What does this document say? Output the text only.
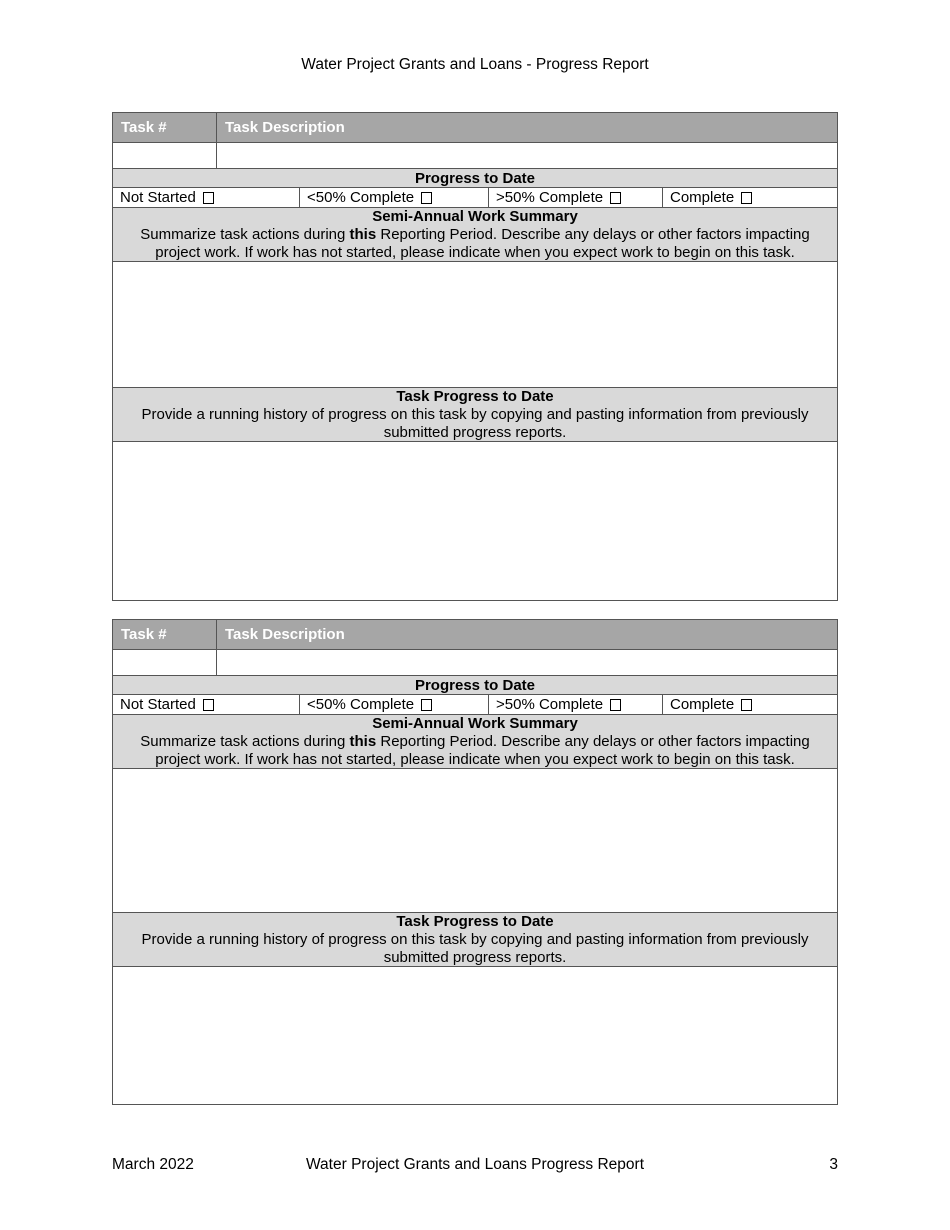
Water Project Grants and Loans - Progress Report
Task #	Task Description
Progress to Date
Not Started	<50% Complete	>50% Complete	Complete
Semi-Annual Work Summary
Summarize task actions during this Reporting Period. Describe any delays or other factors impacting project work. If work has not started, please indicate when you expect work to begin on this task.
Task Progress to Date
Provide a running history of progress on this task by copying and pasting information from previously submitted progress reports.
Task #	Task Description
Progress to Date
Not Started	<50% Complete	>50% Complete	Complete
Semi-Annual Work Summary
Summarize task actions during this Reporting Period. Describe any delays or other factors impacting project work. If work has not started, please indicate when you expect work to begin on this task.
Task Progress to Date
Provide a running history of progress on this task by copying and pasting information from previously submitted progress reports.
March 2022	Water Project Grants and Loans Progress Report	3
